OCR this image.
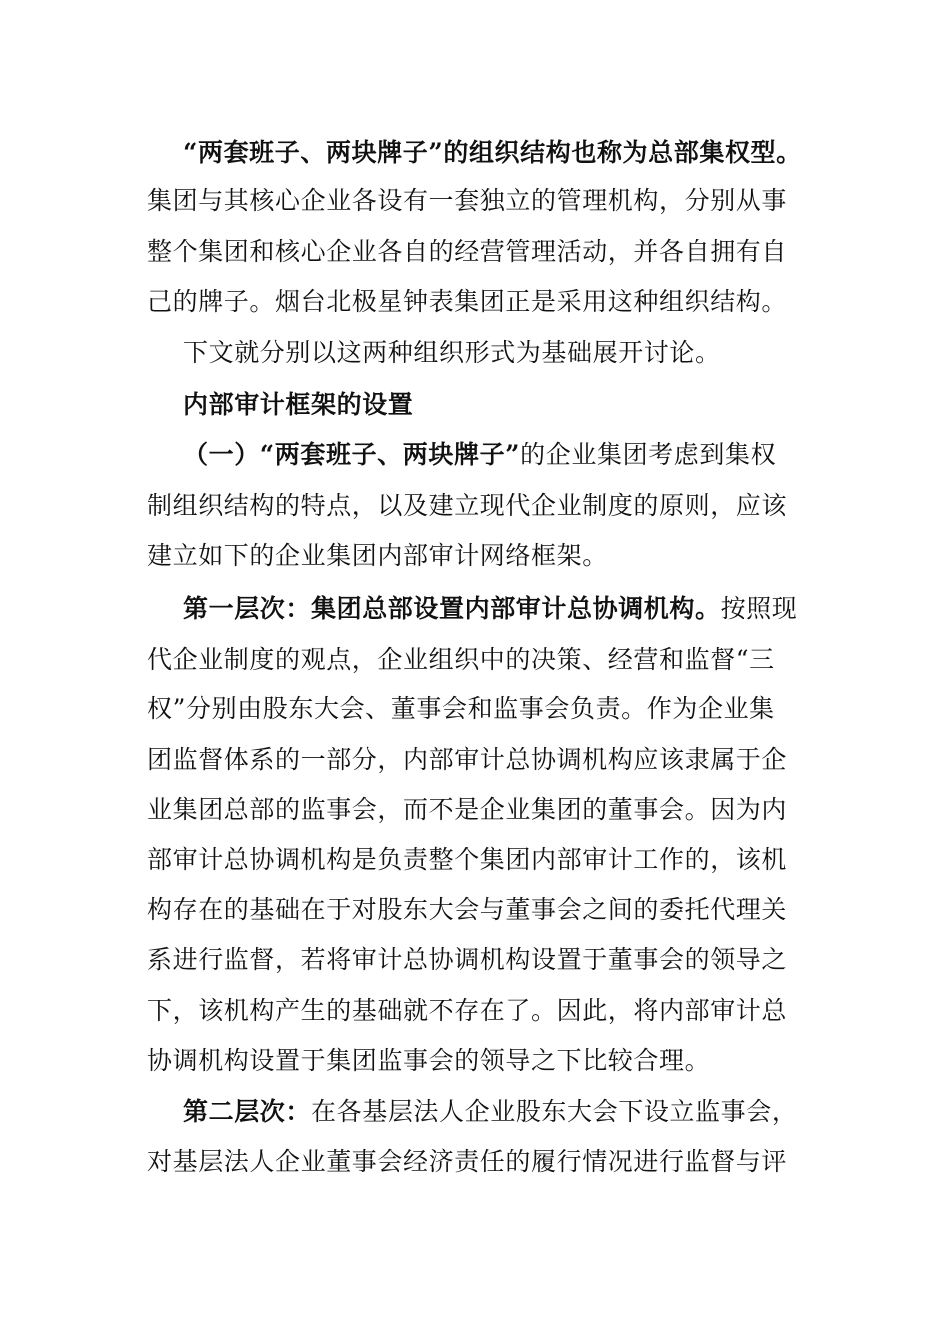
“两套班子、两块牌子”的组织结构也称为总部集权型。
集团与其核心企业各设有一套独立的管理机构，分别从事
整个集团和核心企业各自的经营管理活动，并各自拥有自
己的牌子。烟台北极星钟表集团正是采用这种组织结构。
下文就分别以这两种组织形式为基础展开讨论。
内部审计框架的设置
（一）“两套班子、两块牌子”的企业集团考虑到集权
制组织结构的特点，以及建立现代企业制度的原则，应该
建立如下的企业集团内部审计网络框架。
第一层次：集团总部设置内部审计总协调机构。按照现
代企业制度的观点，企业组织中的决策、经营和监督“三
权”分别由股东大会、董事会和监事会负责。作为企业集
团监督体系的一部分，内部审计总协调机构应该隶属于企
业集团总部的监事会，而不是企业集团的董事会。因为内
部审计总协调机构是负责整个集团内部审计工作的，该机
构存在的基础在于对股东大会与董事会之间的委托代理关
系进行监督，若将审计总协调机构设置于董事会的领导之
下，该机构产生的基础就不存在了。因此，将内部审计总
协调机构设置于集团监事会的领导之下比较合理。
第二层次：在各基层法人企业股东大会下设立监事会，
对基层法人企业董事会经济责任的履行情况进行监督与评
